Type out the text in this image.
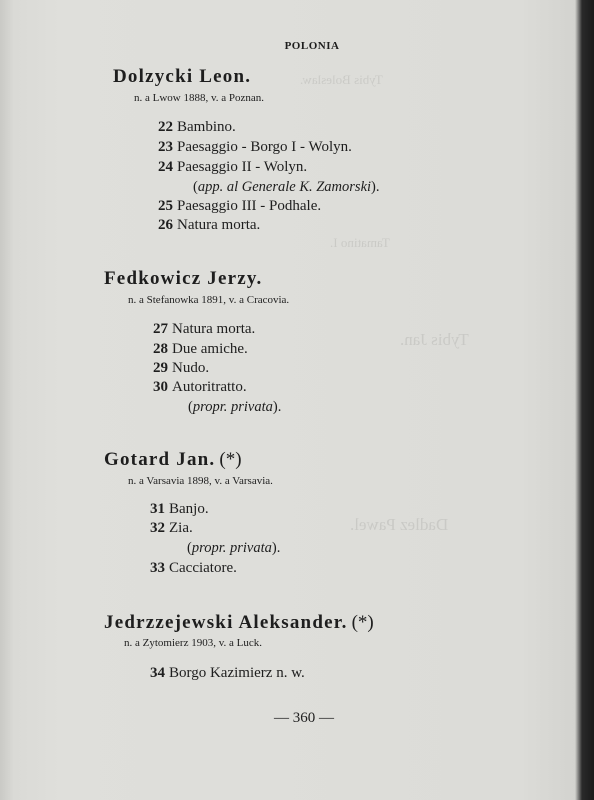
Tybis Boleslaw.
Tamatino I.
Tybis Jan.
Dadlez Pawel.
POLONIA
Dolzycki Leon.
n. a Lwow 1888, v. a Poznan.
22 Bambino.
23 Paesaggio - Borgo I - Wolyn.
24 Paesaggio II - Wolyn.
(app. al Generale K. Zamorski).
25 Paesaggio III - Podhale.
26 Natura morta.
Fedkowicz Jerzy.
n. a Stefanowka 1891, v. a Cracovia.
27 Natura morta.
28 Due amiche.
29 Nudo.
30 Autoritratto.
(propr. privata).
Gotard Jan. (*)
n. a Varsavia 1898, v. a Varsavia.
31 Banjo.
32 Zia.
(propr. privata).
33 Cacciatore.
Jedrzzejewski Aleksander. (*)
n. a Zytomierz 1903, v. a Luck.
34 Borgo Kazimierz n. w.
— 360 —
